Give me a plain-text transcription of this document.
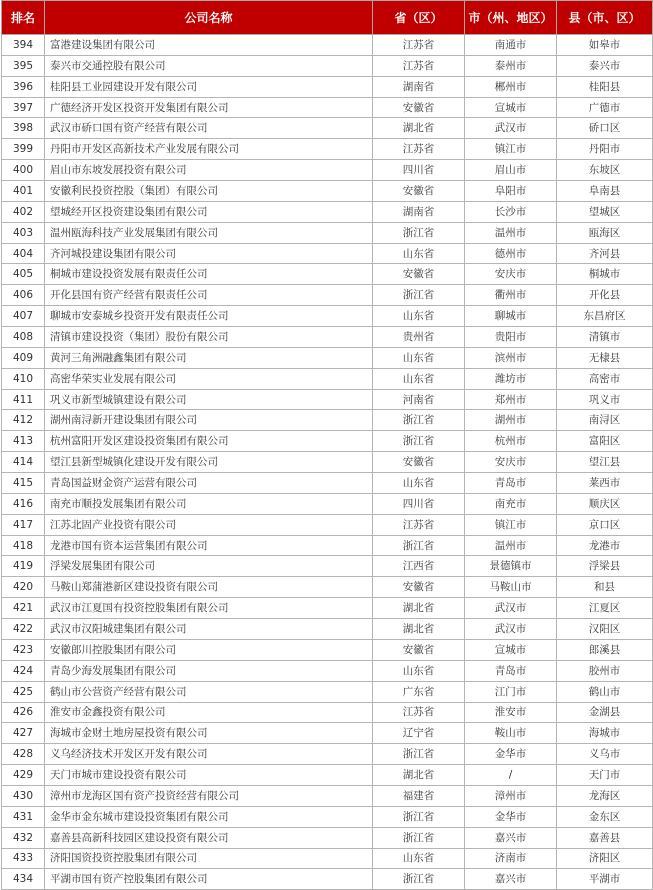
排名	公司名称	省（区）	市（州、地区）	县（市、区）
394	富港建设集团有限公司	江苏省	南通市	如皋市
395	泰兴市交通控股有限公司	江苏省	泰州市	泰兴市
396	桂阳县工业园建设开发有限公司	湖南省	郴州市	桂阳县
397	广德经济开发区投资开发集团有限公司	安徽省	宣城市	广德市
398	武汉市硚口国有资产经营有限公司	湖北省	武汉市	硚口区
399	丹阳市开发区高新技术产业发展有限公司	江苏省	镇江市	丹阳市
400	眉山市东坡发展投资有限公司	四川省	眉山市	东坡区
401	安徽利民投资控股（集团）有限公司	安徽省	阜阳市	阜南县
402	望城经开区投资建设集团有限公司	湖南省	长沙市	望城区
403	温州瓯海科技产业发展集团有限公司	浙江省	温州市	瓯海区
404	齐河城投建设集团有限公司	山东省	德州市	齐河县
405	桐城市建设投资发展有限责任公司	安徽省	安庆市	桐城市
406	开化县国有资产经营有限责任公司	浙江省	衢州市	开化县
407	聊城市安泰城乡投资开发有限责任公司	山东省	聊城市	东昌府区
408	清镇市建设投资（集团）股份有限公司	贵州省	贵阳市	清镇市
409	黄河三角洲融鑫集团有限公司	山东省	滨州市	无棣县
410	高密华荣实业发展有限公司	山东省	潍坊市	高密市
411	巩义市新型城镇建设有限公司	河南省	郑州市	巩义市
412	湖州南浔新开建设集团有限公司	浙江省	湖州市	南浔区
413	杭州富阳开发区建设投资集团有限公司	浙江省	杭州市	富阳区
414	望江县新型城镇化建设开发有限公司	安徽省	安庆市	望江县
415	青岛国益财金资产运营有限公司	山东省	青岛市	莱西市
416	南充市顺投发展集团有限公司	四川省	南充市	顺庆区
417	江苏北固产业投资有限公司	江苏省	镇江市	京口区
418	龙港市国有资本运营集团有限公司	浙江省	温州市	龙港市
419	浮梁发展集团有限公司	江西省	景德镇市	浮梁县
420	马鞍山郑蒲港新区建设投资有限公司	安徽省	马鞍山市	和县
421	武汉市江夏国有投资控股集团有限公司	湖北省	武汉市	江夏区
422	武汉市汉阳城建集团有限公司	湖北省	武汉市	汉阳区
423	安徽郎川控股集团有限公司	安徽省	宣城市	郎溪县
424	青岛少海发展集团有限公司	山东省	青岛市	胶州市
425	鹤山市公营资产经营有限公司	广东省	江门市	鹤山市
426	淮安市金鑫投资有限公司	江苏省	淮安市	金湖县
427	海城市金财土地房屋投资有限公司	辽宁省	鞍山市	海城市
428	义乌经济技术开发区开发有限公司	浙江省	金华市	义乌市
429	天门市城市建设投资有限公司	湖北省	/	天门市
430	漳州市龙海区国有资产投资经营有限公司	福建省	漳州市	龙海区
431	金华市金东城市建设投资集团有限公司	浙江省	金华市	金东区
432	嘉善县高新科技园区建设投资有限公司	浙江省	嘉兴市	嘉善县
433	济阳国资投资控股集团有限公司	山东省	济南市	济阳区
434	平湖市国有资产控股集团有限公司	浙江省	嘉兴市	平湖市
